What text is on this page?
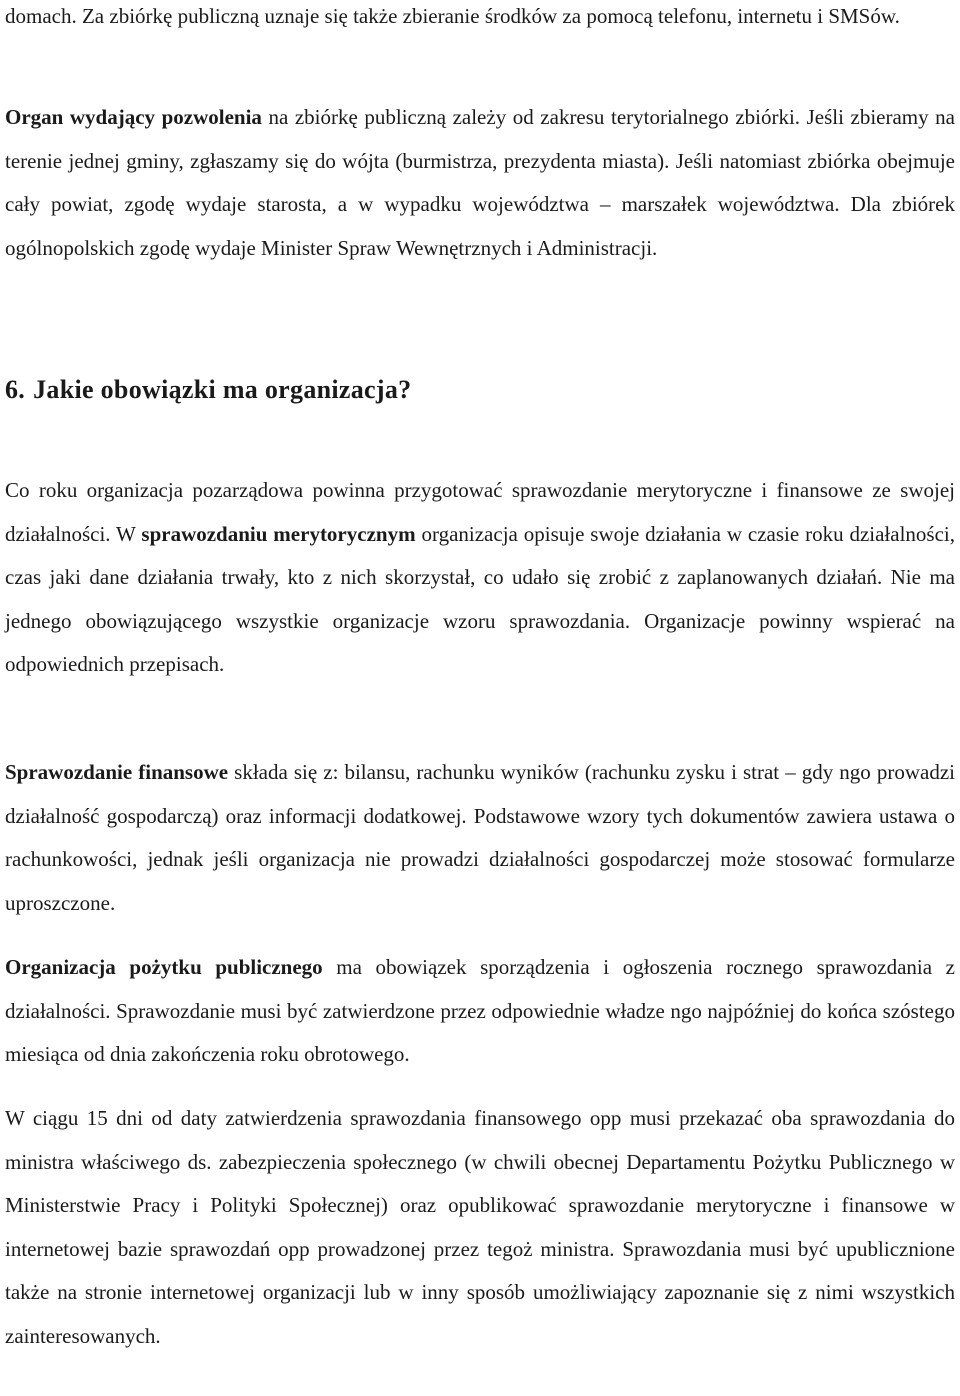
domach. Za zbiórkę publiczną uznaje się także zbieranie środków za pomocą telefonu, internetu i SMSów.

Organ wydający pozwolenia na zbiórkę publiczną zależy od zakresu terytorialnego zbiórki. Jeśli zbieramy na terenie jednej gminy, zgłaszamy się do wójta (burmistrza, prezydenta miasta). Jeśli natomiast zbiórka obejmuje cały powiat, zgodę wydaje starosta, a w wypadku województwa – marszałek województwa. Dla zbiórek ogólnopolskich zgodę wydaje Minister Spraw Wewnętrznych i Administracji.

6. Jakie obowiązki ma organizacja?

Co roku organizacja pozarządowa powinna przygotować sprawozdanie merytoryczne i finansowe ze swojej działalności. W sprawozdaniu merytorycznym organizacja opisuje swoje działania w czasie roku działalności, czas jaki dane działania trwały, kto z nich skorzystał, co udało się zrobić z zaplanowanych działań. Nie ma jednego obowiązującego wszystkie organizacje wzoru sprawozdania. Organizacje powinny wspierać na odpowiednich przepisach.

Sprawozdanie finansowe składa się z: bilansu, rachunku wyników (rachunku zysku i strat – gdy ngo prowadzi działalność gospodarczą) oraz informacji dodatkowej. Podstawowe wzory tych dokumentów zawiera ustawa o rachunkowości, jednak jeśli organizacja nie prowadzi działalności gospodarczej może stosować formularze uproszczone.

Organizacja pożytku publicznego ma obowiązek sporządzenia i ogłoszenia rocznego sprawozdania z działalności. Sprawozdanie musi być zatwierdzone przez odpowiednie władze ngo najpóźniej do końca szóstego miesiąca od dnia zakończenia roku obrotowego.

W ciągu 15 dni od daty zatwierdzenia sprawozdania finansowego opp musi przekazać oba sprawozdania do ministra właściwego ds. zabezpieczenia społecznego (w chwili obecnej Departamentu Pożytku Publicznego w Ministerstwie Pracy i Polityki Społecznej) oraz opublikować sprawozdanie merytoryczne i finansowe w internetowej bazie sprawozdań opp prowadzonej przez tegoż ministra. Sprawozdania musi być upublicznione także na stronie internetowej organizacji lub w inny sposób umożliwiający zapoznanie się z nimi wszystkich zainteresowanych.
